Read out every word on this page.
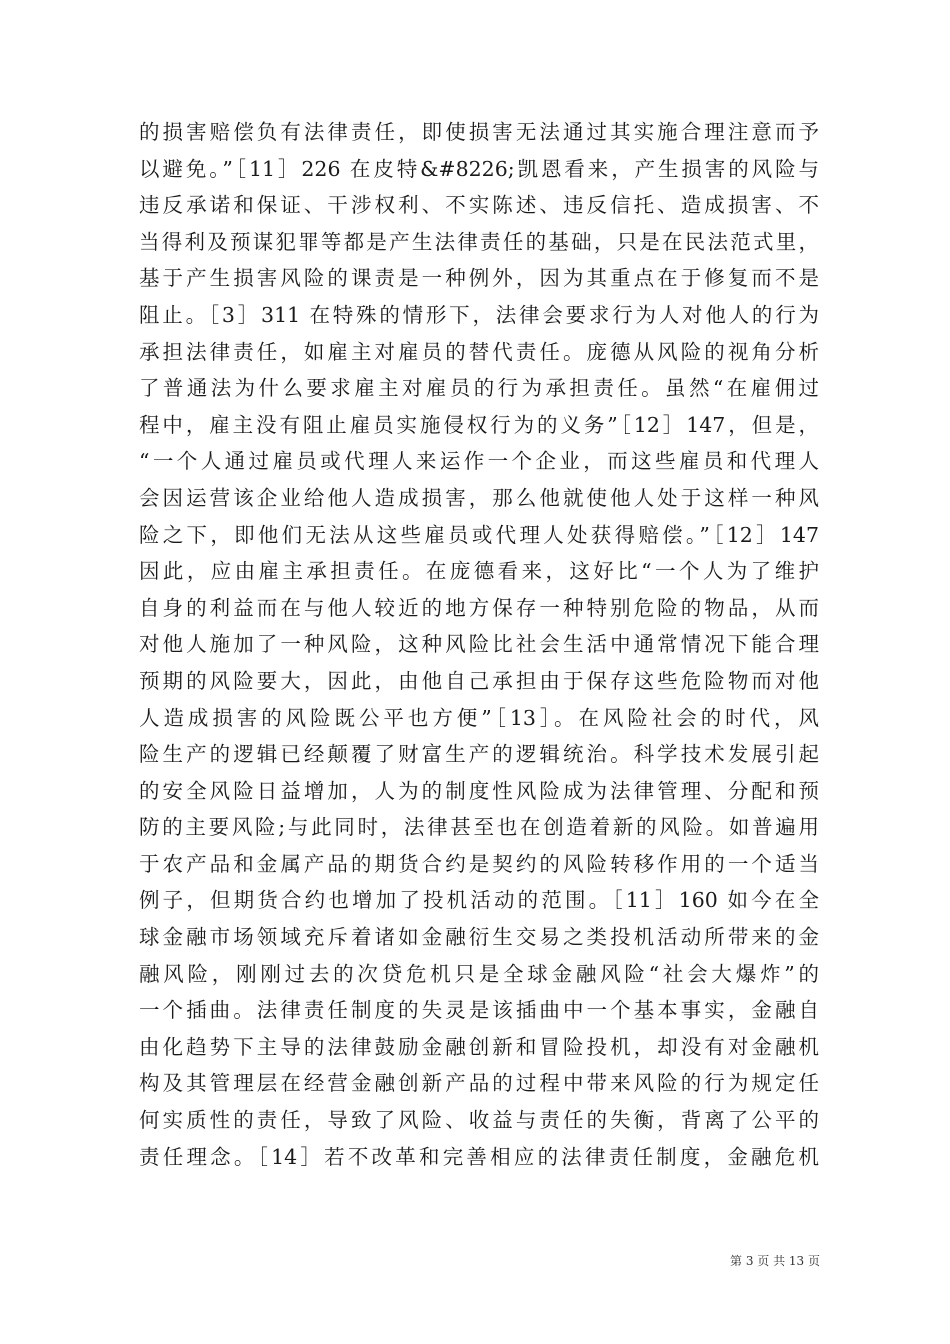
的损害赔偿负有法律责任，即使损害无法通过其实施合理注意而予
以避免。”［11］226 在皮特&#8226;凯恩看来，产生损害的风险与
违反承诺和保证、干涉权利、不实陈述、违反信托、造成损害、不
当得利及预谋犯罪等都是产生法律责任的基础，只是在民法范式里，
基于产生损害风险的课责是一种例外，因为其重点在于修复而不是
阻止。［3］311 在特殊的情形下，法律会要求行为人对他人的行为
承担法律责任，如雇主对雇员的替代责任。庞德从风险的视角分析
了普通法为什么要求雇主对雇员的行为承担责任。虽然“在雇佣过
程中，雇主没有阻止雇员实施侵权行为的义务”［12］147，但是，
“一个人通过雇员或代理人来运作一个企业，而这些雇员和代理人
会因运营该企业给他人造成损害，那么他就使他人处于这样一种风
险之下，即他们无法从这些雇员或代理人处获得赔偿。”［12］147
因此，应由雇主承担责任。在庞德看来，这好比“一个人为了维护
自身的利益而在与他人较近的地方保存一种特别危险的物品，从而
对他人施加了一种风险，这种风险比社会生活中通常情况下能合理
预期的风险要大，因此，由他自己承担由于保存这些危险物而对他
人造成损害的风险既公平也方便”［13］。在风险社会的时代，风
险生产的逻辑已经颠覆了财富生产的逻辑统治。科学技术发展引起
的安全风险日益增加，人为的制度性风险成为法律管理、分配和预
防的主要风险;与此同时，法律甚至也在创造着新的风险。如普遍用
于农产品和金属产品的期货合约是契约的风险转移作用的一个适当
例子，但期货合约也增加了投机活动的范围。［11］160 如今在全
球金融市场领域充斥着诸如金融衍生交易之类投机活动所带来的金
融风险，刚刚过去的次贷危机只是全球金融风险“社会大爆炸”的
一个插曲。法律责任制度的失灵是该插曲中一个基本事实，金融自
由化趋势下主导的法律鼓励金融创新和冒险投机，却没有对金融机
构及其管理层在经营金融创新产品的过程中带来风险的行为规定任
何实质性的责任，导致了风险、收益与责任的失衡，背离了公平的
责任理念。［14］若不改革和完善相应的法律责任制度，金融危机
第 3 页 共 13 页
